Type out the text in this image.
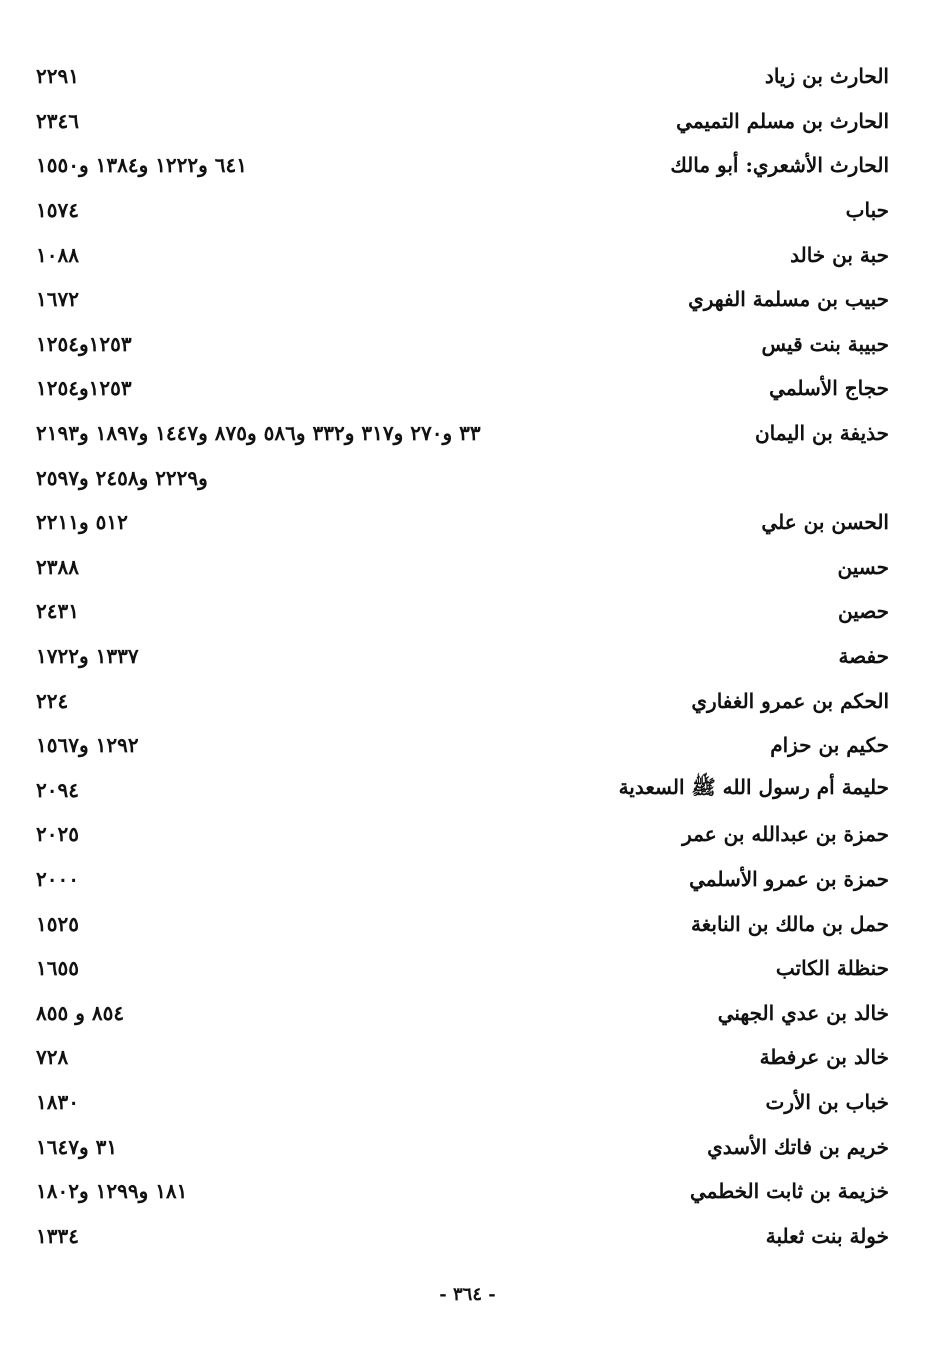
الحارث بن زياد
٢٢٩١
الحارث بن مسلم التميمي
٢٣٤٦
الحارث الأشعري: أبو مالك
٦٤١ و١٢٢٢ و١٣٨٤ و١٥٥٠
حباب
١٥٧٤
حبة بن خالد
١٠٨٨
حبيب بن مسلمة الفهري
١٦٧٢
حبيبة بنت قيس
١٢٥٣و١٢٥٤
حجاج الأسلمي
١٢٥٣و١٢٥٤
حذيفة بن اليمان
٣٣ و٢٧٠ و٣١٧ و٣٣٢ و٥٨٦ و٨٧٥ و١٤٤٧ و١٨٩٧ و٢١٩٣
و٢٢٢٩ و٢٤٥٨ و٢٥٩٧
الحسن بن علي
٥١٢ و٢٢١١
حسين
٢٣٨٨
حصين
٢٤٣١
حفصة
١٣٣٧ و١٧٢٢
الحكم بن عمرو الغفاري
٢٢٤
حكيم بن حزام
١٢٩٢ و١٥٦٧
حليمة أم رسول الله ﷺ السعدية
٢٠٩٤
حمزة بن عبدالله بن عمر
٢٠٢٥
حمزة بن عمرو الأسلمي
٢٠٠٠
حمل بن مالك بن النابغة
١٥٢٥
حنظلة الكاتب
١٦٥٥
خالد بن عدي الجهني
٨٥٤ و ٨٥٥
خالد بن عرفطة
٧٢٨
خباب بن الأرت
١٨٣٠
خريم بن فاتك الأسدي
٣١ و١٦٤٧
خزيمة بن ثابت الخطمي
١٨١ و١٢٩٩ و١٨٠٢
خولة بنت ثعلبة
١٣٣٤
- ٣٦٤ -
